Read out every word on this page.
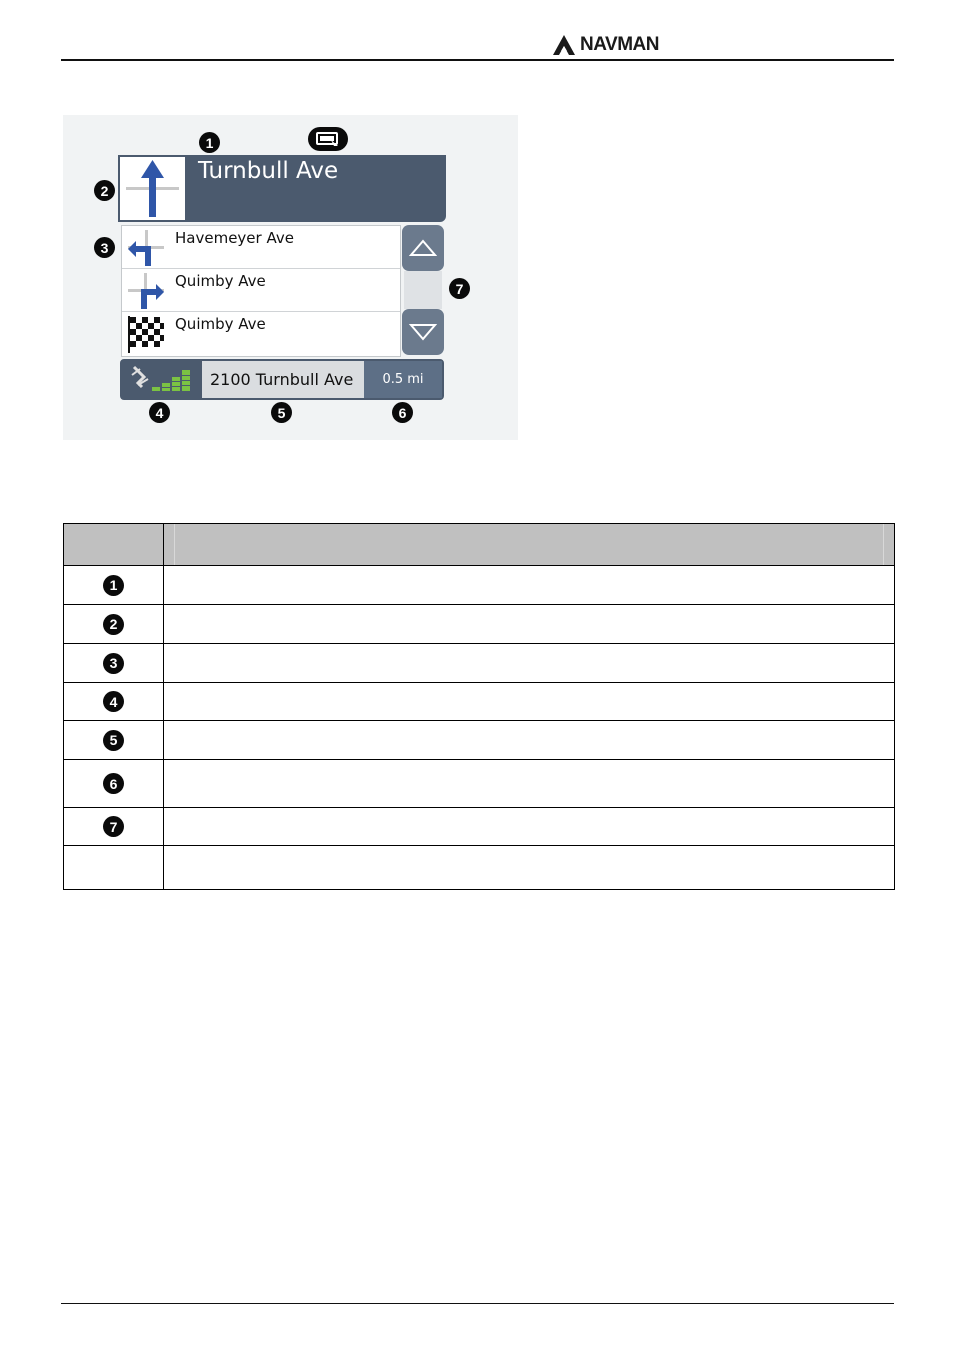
NAVMAN
1
2
3
7
4	5	6
Turnbull Ave
Havemeyer Ave
Quimby Ave
Quimby Ave
2100 Turnbull Ave	0.5 mi

1	
2	
3	
4	
5	
6	
7	
